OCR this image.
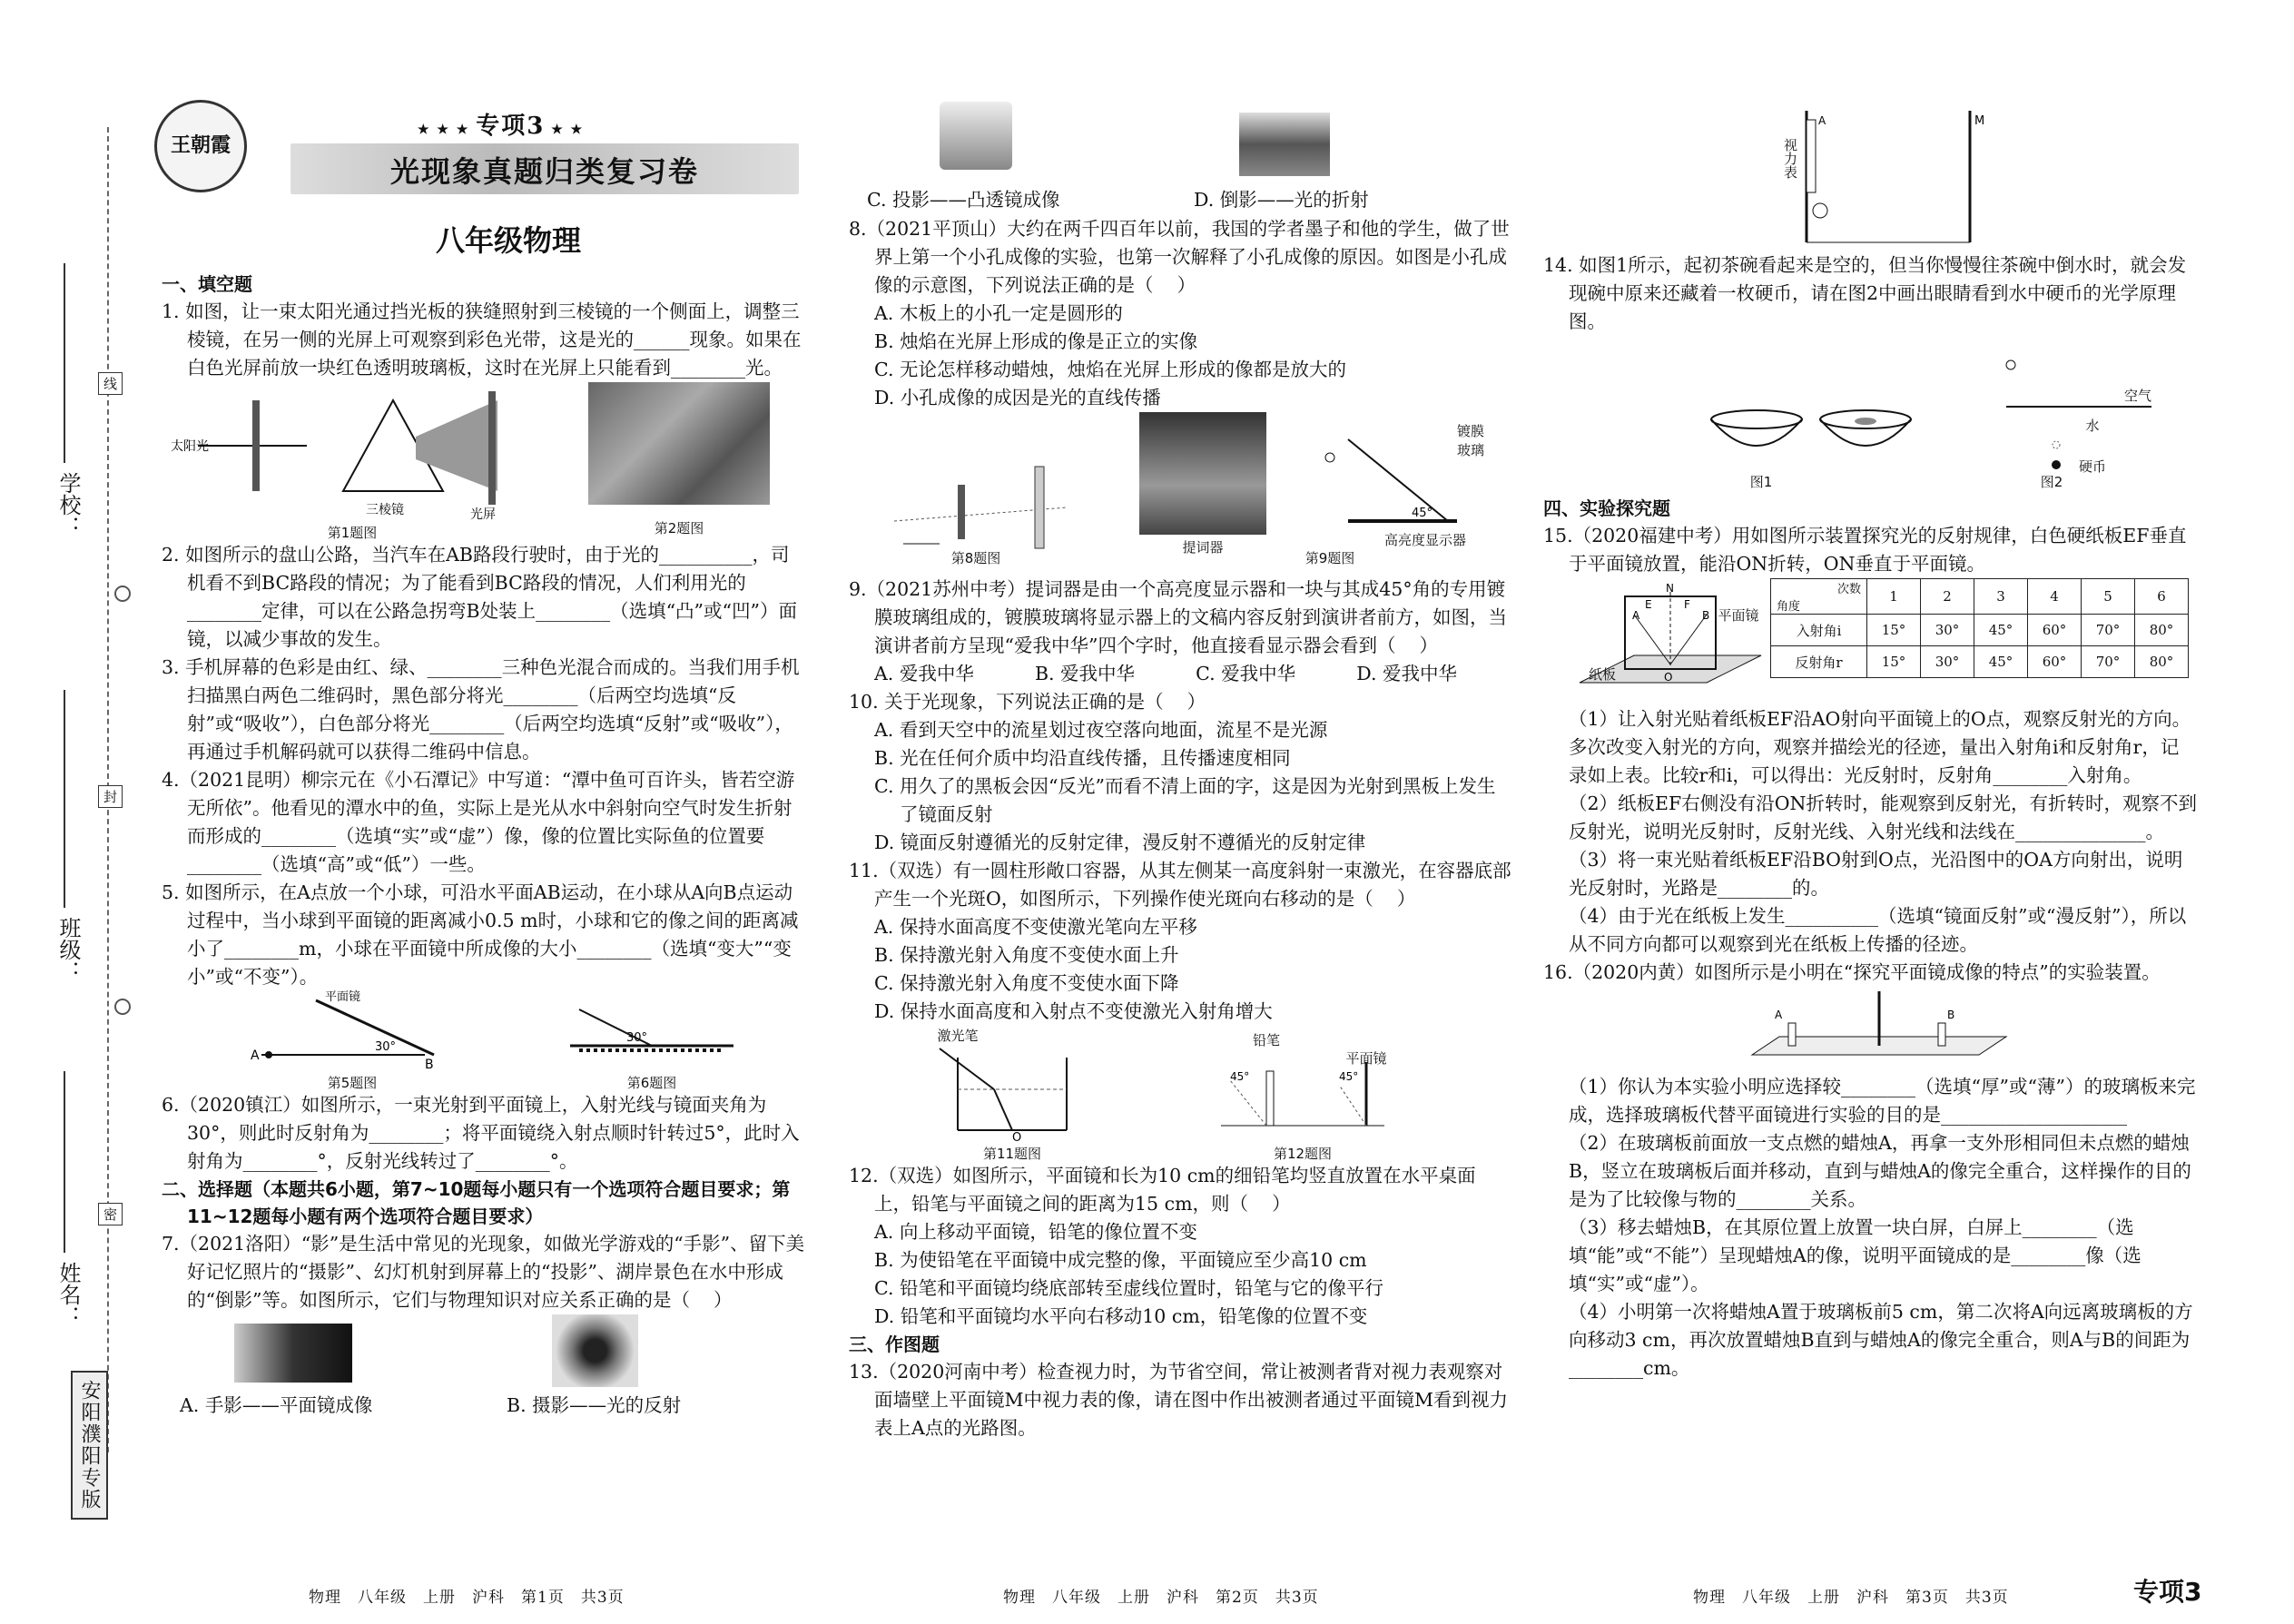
学校：
班级：
姓名：
线
封
密
安阳濮阳专版
王朝霞
★ ★ ★ 专项3 ★ ★
光现象真题归类复习卷
八年级物理

一、填空题

1. 如图，让一束太阳光通过挡光板的狭缝照射到三棱镜的一个侧面上，调整三棱镜，在另一侧的光屏上可观察到彩色光带，这是光的______现象。如果在白色光屏前放一块红色透明玻璃板，这时在光屏上只能看到________光。

太阳光
三棱镜	光屏
第1题图	第2题图

2. 如图所示的盘山公路，当汽车在AB路段行驶时，由于光的__________，司机看不到BC路段的情况；为了能看到BC路段的情况，人们利用光的________定律，可以在公路急拐弯B处装上________（选填“凸”或“凹”）面镜，以减少事故的发生。

3. 手机屏幕的色彩是由红、绿、________三种色光混合而成的。当我们用手机扫描黑白两色二维码时，黑色部分将光________（后两空均选填“反射”或“吸收”），白色部分将光________（后两空均选填“反射”或“吸收”），再通过手机解码就可以获得二维码中信息。

4.（2021昆明）柳宗元在《小石潭记》中写道：“潭中鱼可百许头，皆若空游无所依”。他看见的潭水中的鱼，实际上是光从水中斜射向空气时发生折射而形成的________（选填“实”或“虚”）像，像的位置比实际鱼的位置要________（选填“高”或“低”）一些。

5. 如图所示，在A点放一个小球，可沿水平面AB运动，在小球从A向B点运动过程中，当小球到平面镜的距离减小0.5 m时，小球和它的像之间的距离减小了________m，小球在平面镜中所成像的大小________（选填“变大”“变小”或“不变”）。

A
B
30°
平面镜
第5题图
30°
第6题图

6.（2020镇江）如图所示，一束光射到平面镜上，入射光线与镜面夹角为30°，则此时反射角为________；将平面镜绕入射点顺时针转过5°，此时入射角为________°，反射光线转过了________°。

二、选择题（本题共6小题，第7~10题每小题只有一个选项符合题目要求；第11~12题每小题有两个选项符合题目要求）

7.（2021洛阳）“影”是生活中常见的光现象，如做光学游戏的“手影”、留下美好记忆照片的“摄影”、幻灯机射到屏幕上的“投影”、湖岸景色在水中形成的“倒影”等。如图所示，它们与物理知识对应关系正确的是（    ）

A. 手影——平面镜成像	B. 摄影——光的反射
物理　八年级　上册　沪科　第1页　共3页
C. 投影——凸透镜成像	D. 倒影——光的折射

8.（2021平顶山）大约在两千四百年以前，我国的学者墨子和他的学生，做了世界上第一个小孔成像的实验，也第一次解释了小孔成像的原因。如图是小孔成像的示意图，下列说法正确的是（    ）

A. 木板上的小孔一定是圆形的
B. 烛焰在光屏上形成的像是正立的实像
C. 无论怎样移动蜡烛，烛焰在光屏上形成的像都是放大的
D. 小孔成像的成因是光的直线传播
提词器
45°
镀膜玻璃
高亮度显示器
第8题图	第9题图

9.（2021苏州中考）提词器是由一个高亮度显示器和一块与其成45°角的专用镀膜玻璃组成的，镀膜玻璃将显示器上的文稿内容反射到演讲者前方，如图，当演讲者前方呈现“爱我中华”四个字时，他直接看显示器会看到（    ）

A. 爱我中华	B. 爱我中华	C. 爱我中华	D. 爱我中华

10. 关于光现象，下列说法正确的是（    ）

A. 看到天空中的流星划过夜空落向地面，流星不是光源
B. 光在任何介质中均沿直线传播，且传播速度相同
C. 用久了的黑板会因“反光”而看不清上面的字，这是因为光射到黑板上发生了镜面反射
D. 镜面反射遵循光的反射定律，漫反射不遵循光的反射定律

11.（双选）有一圆柱形敞口容器，从其左侧某一高度斜射一束激光，在容器底部产生一个光斑O，如图所示，下列操作使光斑向右移动的是（    ）

A. 保持水面高度不变使激光笔向左平移
B. 保持激光射入角度不变使水面上升
C. 保持激光射入角度不变使水面下降
D. 保持水面高度和入射点不变使激光入射角增大
O
激光笔
第11题图
45°	45°
铅笔
平面镜
第12题图

12.（双选）如图所示，平面镜和长为10 cm的细铅笔均竖直放置在水平桌面上，铅笔与平面镜之间的距离为15 cm，则（    ）

A. 向上移动平面镜，铅笔的像位置不变
B. 为使铅笔在平面镜中成完整的像，平面镜应至少高10 cm
C. 铅笔和平面镜均绕底部转至虚线位置时，铅笔与它的像平行
D. 铅笔和平面镜均水平向右移动10 cm，铅笔像的位置不变

三、作图题

13.（2020河南中考）检查视力时，为节省空间，常让被测者背对视力表观察对面墙壁上平面镜M中视力表的像，请在图中作出被测者通过平面镜M看到视力表上A点的光路图。

物理　八年级　上册　沪科　第2页　共3页
A	M
视力表

14. 如图1所示，起初茶碗看起来是空的，但当你慢慢往茶碗中倒水时，就会发现碗中原来还藏着一枚硬币，请在图2中画出眼睛看到水中硬币的光学原理图。

空气
水
硬币
图1	图2

四、实验探究题

15.（2020福建中考）用如图所示装置探究光的反射规律，白色硬纸板EF垂直于平面镜放置，能沿ON折转，ON垂直于平面镜。

N
A	B
E	F
O
纸板
平面镜
次数
角度	1	2	3	4	5	6
入射角i	15°	30°	45°	60°	70°	80°
反射角r	15°	30°	45°	60°	70°	80°

（1）让入射光贴着纸板EF沿AO射向平面镜上的O点，观察反射光的方向。多次改变入射光的方向，观察并描绘光的径迹，量出入射角i和反射角r，记录如上表。比较r和i，可以得出：光反射时，反射角________入射角。

（2）纸板EF右侧没有沿ON折转时，能观察到反射光，有折转时，观察不到反射光，说明光反射时，反射光线、入射光线和法线在______________。

（3）将一束光贴着纸板EF沿BO射到O点，光沿图中的OA方向射出，说明光反射时，光路是________的。

（4）由于光在纸板上发生__________（选填“镜面反射”或“漫反射”），所以从不同方向都可以观察到光在纸板上传播的径迹。

16.（2020内黄）如图所示是小明在“探究平面镜成像的特点”的实验装置。

A	B

（1）你认为本实验小明应选择较________（选填“厚”或“薄”）的玻璃板来完成，选择玻璃板代替平面镜进行实验的目的是____________________

（2）在玻璃板前面放一支点燃的蜡烛A，再拿一支外形相同但未点燃的蜡烛B，竖立在玻璃板后面并移动，直到与蜡烛A的像完全重合，这样操作的目的是为了比较像与物的________关系。

（3）移去蜡烛B，在其原位置上放置一块白屏，白屏上________（选填“能”或“不能”）呈现蜡烛A的像，说明平面镜成的是________像（选填“实”或“虚”）。

（4）小明第一次将蜡烛A置于玻璃板前5 cm，第二次将A向远离玻璃板的方向移动3 cm，再次放置蜡烛B直到与蜡烛A的像完全重合，则A与B的间距为________cm。

物理　八年级　上册　沪科　第3页　共3页	专项3
